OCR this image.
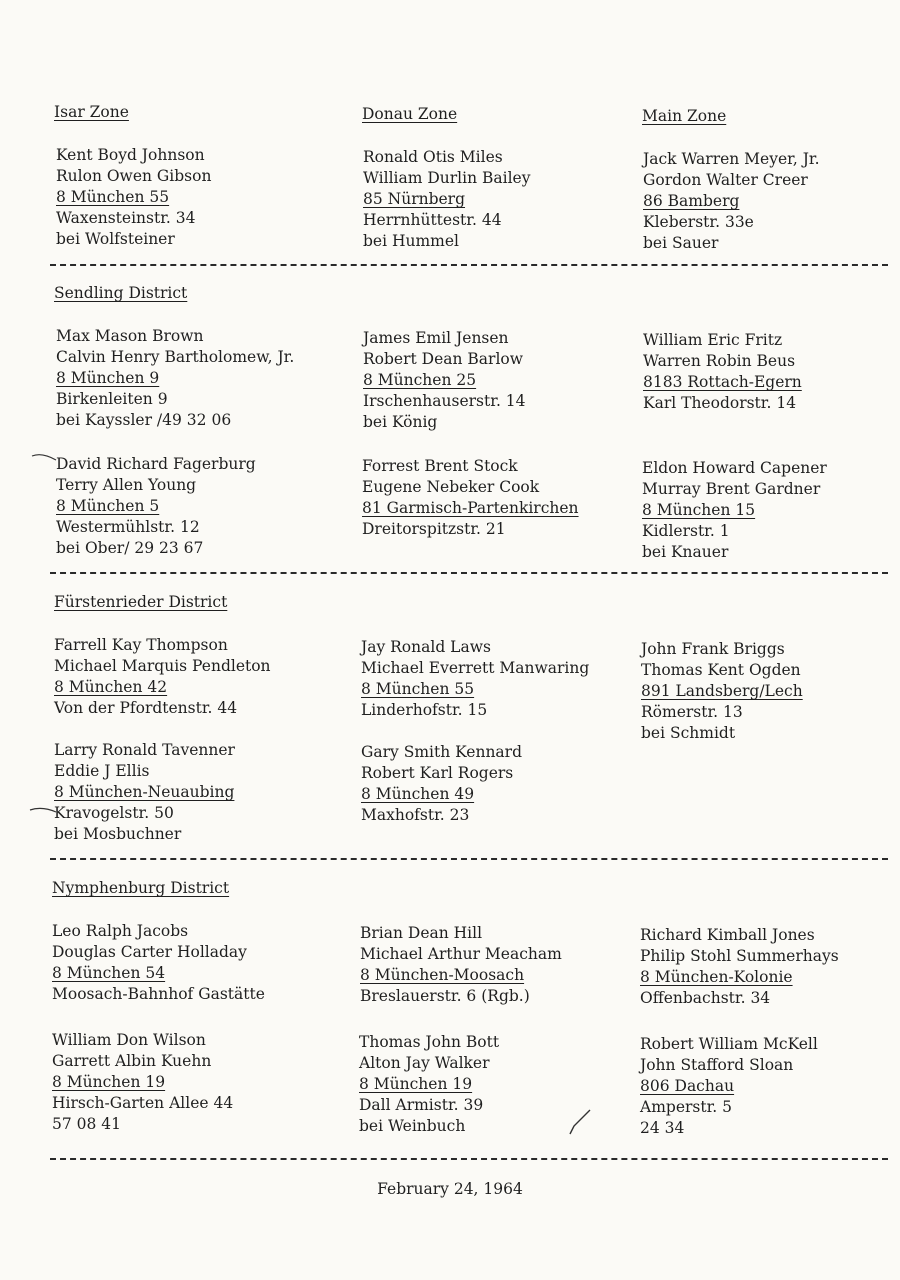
Isar Zone	Donau Zone	Main Zone
Kent Boyd Johnson
Rulon Owen Gibson
8 München 55
Waxensteinstr. 34
bei Wolfsteiner
Ronald Otis Miles
William Durlin Bailey
85 Nürnberg
Herrnhüttestr. 44
bei Hummel
Jack Warren Meyer, Jr.
Gordon Walter Creer
86 Bamberg
Kleberstr. 33e
bei Sauer
Sendling District
Max Mason Brown
Calvin Henry Bartholomew, Jr.
8 München 9
Birkenleiten 9
bei Kayssler /49 32 06
James Emil Jensen
Robert Dean Barlow
8 München 25
Irschenhauserstr. 14
bei König
William Eric Fritz
Warren Robin Beus
8183 Rottach-Egern
Karl Theodorstr. 14
David Richard Fagerburg
Terry Allen Young
8 München 5
Westermühlstr. 12
bei Ober/ 29 23 67
Forrest Brent Stock
Eugene Nebeker Cook
81 Garmisch-Partenkirchen
Dreitorspitzstr. 21
Eldon Howard Capener
Murray Brent Gardner
8 München 15
Kidlerstr. 1
bei Knauer
Fürstenrieder District
Farrell Kay Thompson
Michael Marquis Pendleton
8 München 42
Von der Pfordtenstr. 44
Jay Ronald Laws
Michael Everrett Manwaring
8 München 55
Linderhofstr. 15
John Frank Briggs
Thomas Kent Ogden
891 Landsberg/Lech
Römerstr. 13
bei Schmidt
Larry Ronald Tavenner
Eddie J Ellis
8 München-Neuaubing
Kravogelstr. 50
bei Mosbuchner
Gary Smith Kennard
Robert Karl Rogers
8 München 49
Maxhofstr. 23
Nymphenburg District
Leo Ralph Jacobs
Douglas Carter Holladay
8 München 54
Moosach-Bahnhof Gastätte
Brian Dean Hill
Michael Arthur Meacham
8 München-Moosach
Breslauerstr. 6 (Rgb.)
Richard Kimball Jones
Philip Stohl Summerhays
8 München-Kolonie
Offenbachstr. 34
William Don Wilson
Garrett Albin Kuehn
8 München 19
Hirsch-Garten Allee 44
57 08 41
Thomas John Bott
Alton Jay Walker
8 München 19
Dall Armistr. 39
bei Weinbuch
Robert William McKell
John Stafford Sloan
806 Dachau
Amperstr. 5
24 34
February 24, 1964
